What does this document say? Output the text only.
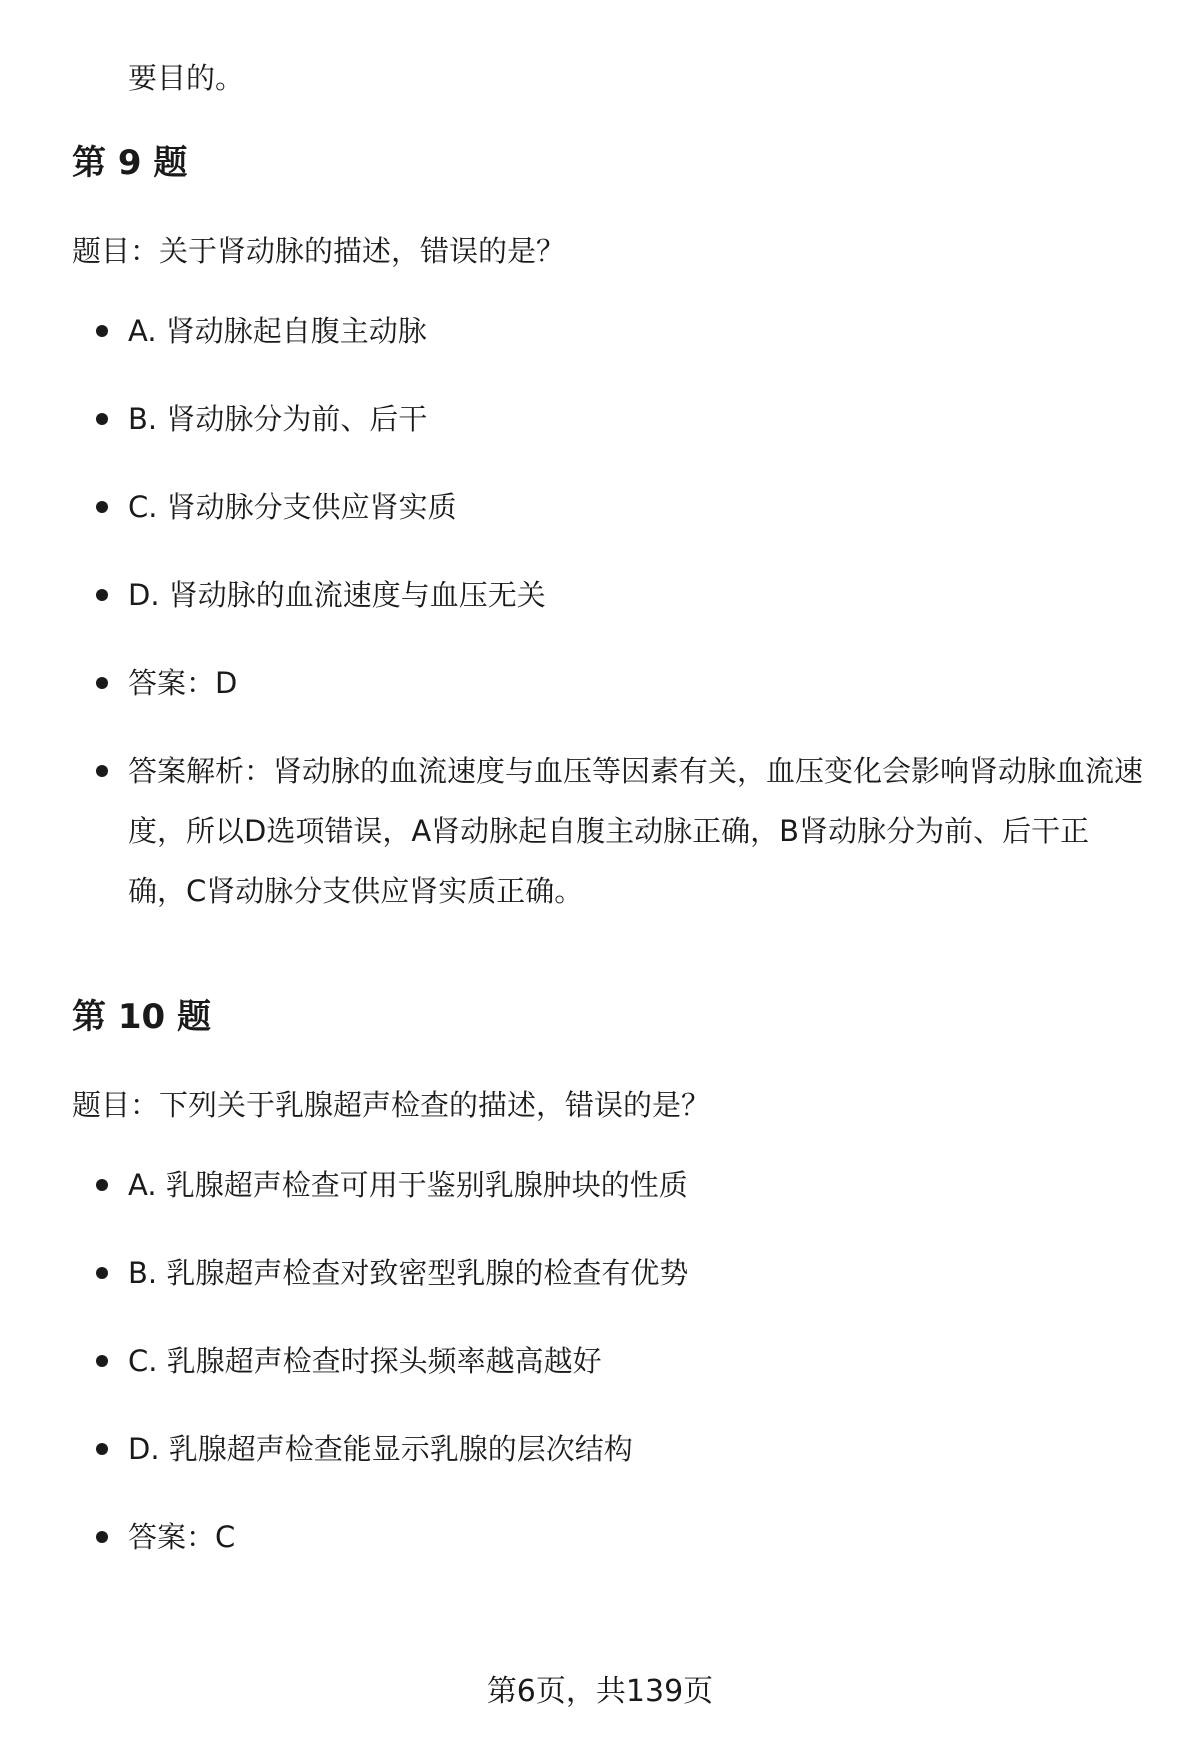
要目的。
第 9 题
题目：关于肾动脉的描述，错误的是？
A. 肾动脉起自腹主动脉
B. 肾动脉分为前、后干
C. 肾动脉分支供应肾实质
D. 肾动脉的血流速度与血压无关
答案：D
答案解析：肾动脉的血流速度与血压等因素有关，血压变化会影响肾动脉血流速度，所以D选项错误，A肾动脉起自腹主动脉正确，B肾动脉分为前、后干正确，C肾动脉分支供应肾实质正确。
第 10 题
题目：下列关于乳腺超声检查的描述，错误的是？
A. 乳腺超声检查可用于鉴别乳腺肿块的性质
B. 乳腺超声检查对致密型乳腺的检查有优势
C. 乳腺超声检查时探头频率越高越好
D. 乳腺超声检查能显示乳腺的层次结构
答案：C
第6页，共139页
